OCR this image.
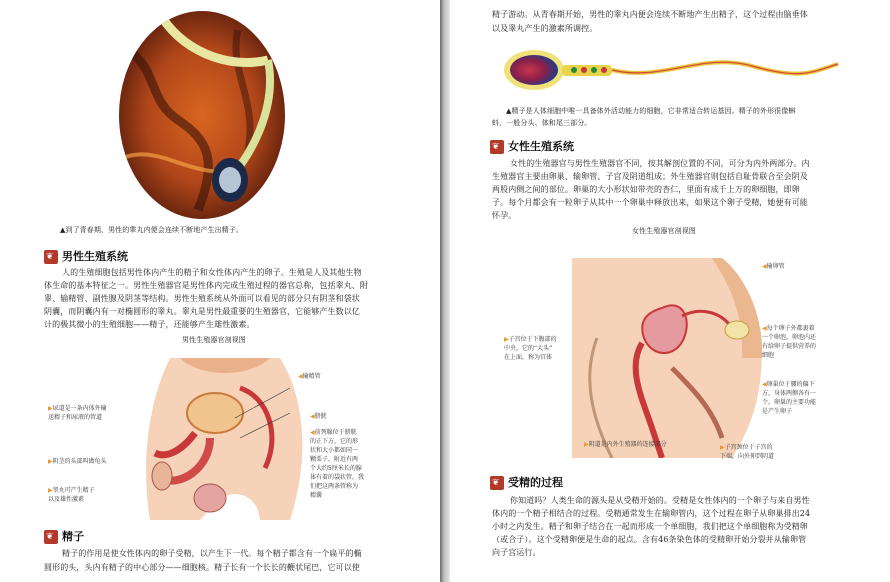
▲到了青春期，男性的睾丸内便会连续不断地产生出精子。

❦男性生殖系统

人的生殖细胞包括男性体内产生的精子和女性体内产生的卵子。生殖是人及其他生物

体生命的基本特征之一。男性生殖器官是男性体内完成生殖过程的器官总称，包括睾丸、附

睾、输精管、副性腺及阴茎等结构。男性生殖系统从外面可以看见的部分只有阴茎和袋状

阴囊，而阴囊内有一对椭圆形的睾丸。睾丸是男性最重要的生殖器官，它能够产生数以亿

计的极其微小的生殖细胞——精子，还能够产生雄性激素。

男性生殖器官剖视图

◀输精管
▶尿道是一条内体外输
送精子和尿液的管道	◀膀胱
◀前列腺位于膀胱
的正下方，它的形
状和大小都如同一
颗栗子，附近有两
个大约5厘米长的腺
体有着的袋状管，我
们把这两条管称为
精囊
▶阴茎的头部叫做龟头
▶睾丸可产生精子
以及雄性激素
❦精子

精子的作用是使女性体内的卵子受精，以产生下一代。每个精子都含有一个扁平的椭

圆形的头，头内有精子的中心部分——细胞核。精子长有一个长长的鞭状尾巴，它可以使

精子游动。从青春期开始，男性的睾丸内便会连续不断地产生出精子，这个过程由脑垂体

以及睾丸产生的激素所调控。

▲精子是人体细胞中唯一具备体外活动能力的细胞，它非常适合转运基因。精子的外形很像蝌

蚪，一般分头、体和尾三部分。

❦女性生殖系统

女性的生殖器官与男性生殖器官不同，按其解剖位置的不同，可分为内外两部分。内

生殖器官主要由卵巢、输卵管、子宫及阴道组成；外生殖器官则包括自耻骨联合至会阴及

两股内侧之间的部位。卵巢的大小形状如带壳的杏仁，里面有成千上万的卵细胞，即卵

子。每个月都会有一粒卵子从其中一个卵巢中释放出来，如果这个卵子受精，她便有可能

怀孕。

女性生殖器官剖视图

◀输卵管
▶子宫位于下腹部的
中央，它的“大头”
在上面，称为宫体
◀每个卵子外都裹着
一个卵泡，卵泡内还
有给卵子提供营养的
细胞
◀卵巢位于腰的偏下
方，身体两侧各有一
个。卵巢的主要功能
是产生卵子
▶阴道是内外生殖器的连接部分	▶子宫颈位于子宫的
下端，向外伸到阴道
❦受精的过程

你知道吗？人类生命的源头是从受精开始的。受精是女性体内的一个卵子与来自男性

体内的一个精子相结合的过程。受精通常发生在输卵管内，这个过程在卵子从卵巢排出24

小时之内发生。精子和卵子结合在一起而形成一个单细胞，我们把这个单细胞称为受精卵

（或合子）。这个受精卵便是生命的起点。含有46条染色体的受精卵开始分裂并从输卵管

向子宫运行。
